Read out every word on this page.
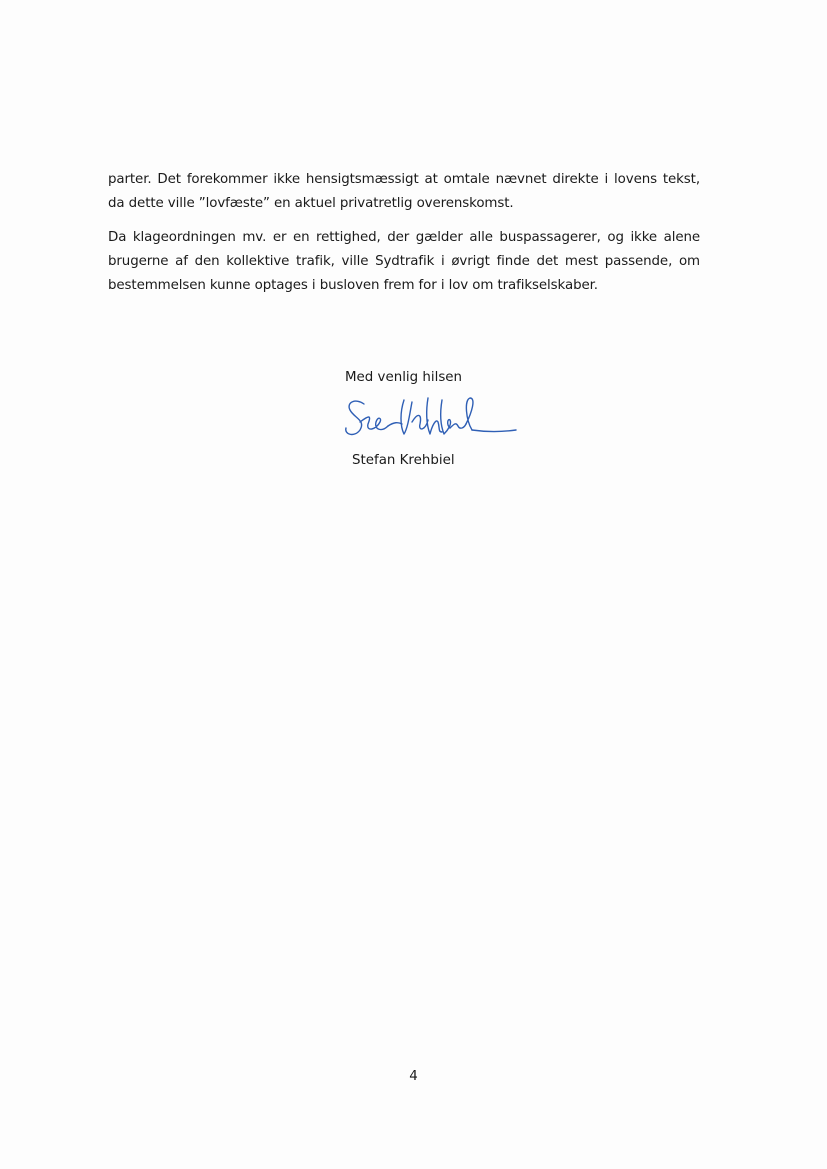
parter. Det forekommer ikke hensigtsmæssigt at omtale nævnet direkte i lovens tekst, da dette ville ”lovfæste” en aktuel privatretlig overenskomst.

Da klageordningen mv. er en rettighed, der gælder alle buspassagerer, og ikke alene brugerne af den kollektive trafik, ville Sydtrafik i øvrigt finde det mest passende, om bestemmelsen kunne optages i busloven frem for i lov om trafikselskaber.

Med venlig hilsen
Stefan Krehbiel
4
